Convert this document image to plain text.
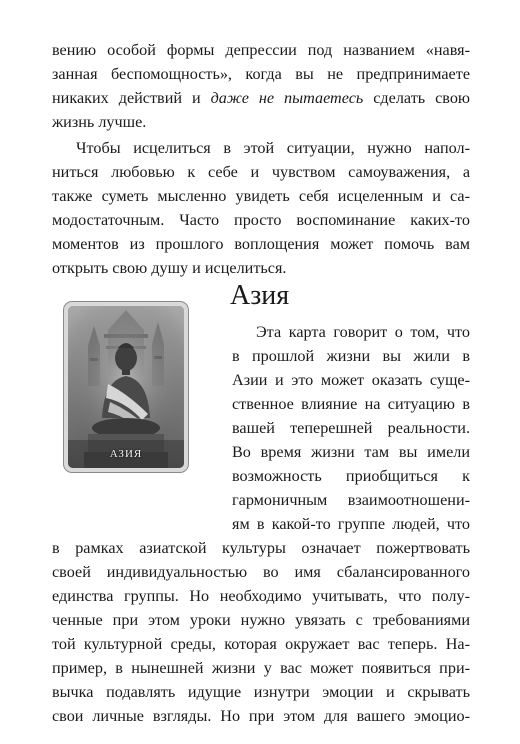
вению особой формы депрессии под названием «навя-
занная беспомощность», когда вы не предпринимаете
никаких действий и даже не пытаетесь сделать свою
жизнь лучше.
Чтобы исцелиться в этой ситуации, нужно напол-
ниться любовью к себе и чувством самоуважения, а
также суметь мысленно увидеть себя исцеленным и са-
модостаточным. Часто просто воспоминание каких-то
моментов из прошлого воплощения может помочь вам
открыть свою душу и исцелиться.
Азия
АЗИЯ
Эта карта говорит о том, что
в прошлой жизни вы жили в
Азии и это может оказать суще-
ственное влияние на ситуацию в
вашей теперешней реальности.
Во время жизни там вы имели
возможность приобщиться к
гармоничным взаимоотношени-
ям в какой-то группе людей, что
в рамках азиатской культуры означает пожертвовать
своей индивидуальностью во имя сбалансированного
единства группы. Но необходимо учитывать, что полу-
ченные при этом уроки нужно увязать с требованиями
той культурной среды, которая окружает вас теперь. На-
пример, в нынешней жизни у вас может появиться при-
вычка подавлять идущие изнутри эмоции и скрывать
свои личные взгляды. Но при этом для вашего эмоцио-
